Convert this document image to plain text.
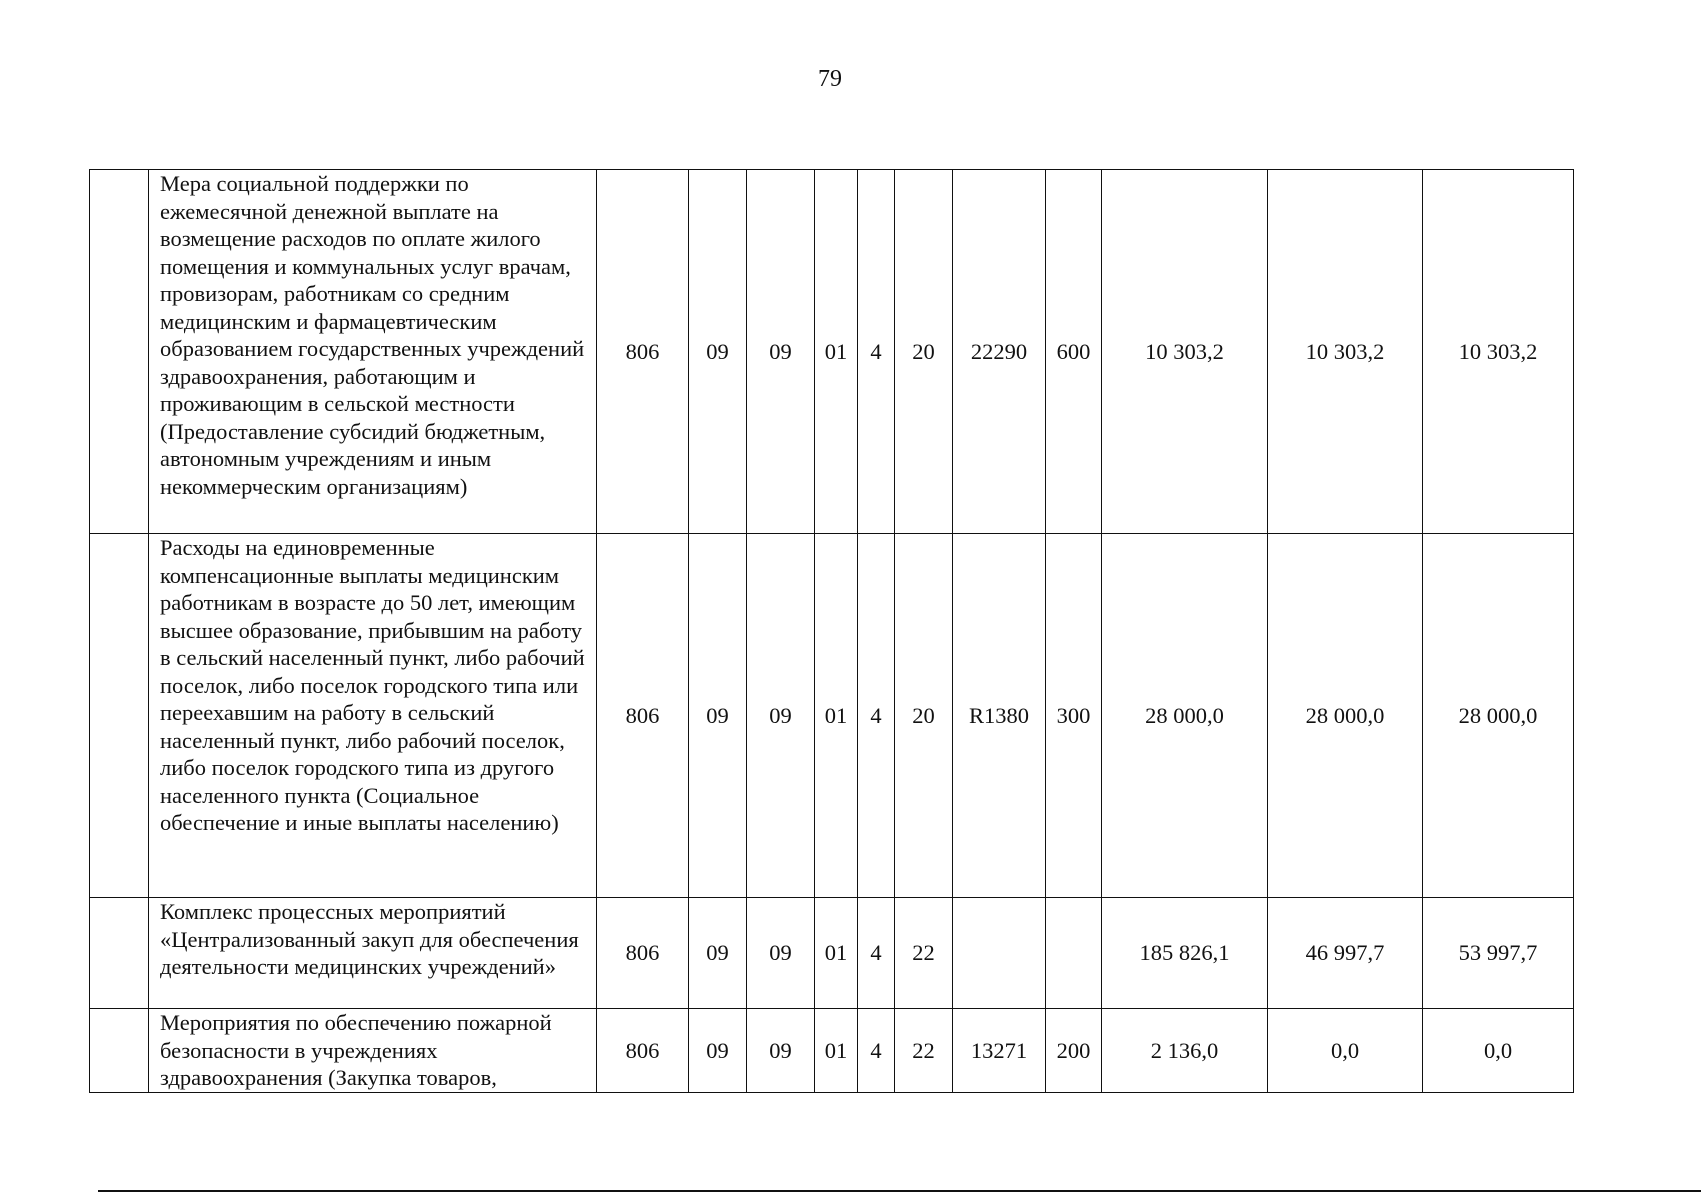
79
	Мера социальной поддержки по ежемесячной денежной выплате на возмещение расходов по оплате жилого помещения и коммунальных услуг врачам, провизорам, работникам со средним медицинским и фармацевтическим образованием государственных учреждений здравоохранения, работающим и проживающим в сельской местности (Предоставление субсидий бюджетным, автономным учреждениям и иным некоммерческим организациям)	806	09	09	01	4	20	22290	600	10 303,2	10 303,2	10 303,2
	Расходы на единовременные компенсационные выплаты медицинским работникам в возрасте до 50 лет, имеющим высшее образование, прибывшим на работу в сельский населенный пункт, либо рабочий поселок, либо поселок городского типа или переехавшим на работу в сельский населенный пункт, либо рабочий поселок, либо поселок городского типа из другого населенного пункта (Социальное обеспечение и иные выплаты населению)	806	09	09	01	4	20	R1380	300	28 000,0	28 000,0	28 000,0
	Комплекс процессных мероприятий «Централизованный закуп для обеспечения деятельности медицинских учреждений»	806	09	09	01	4	22			185 826,1	46 997,7	53 997,7

	Мероприятия по обеспечению пожарной безопасности в учреждениях здравоохранения (Закупка товаров,	806	09	09	01	4	22	13271	200	2 136,0	0,0	0,0
